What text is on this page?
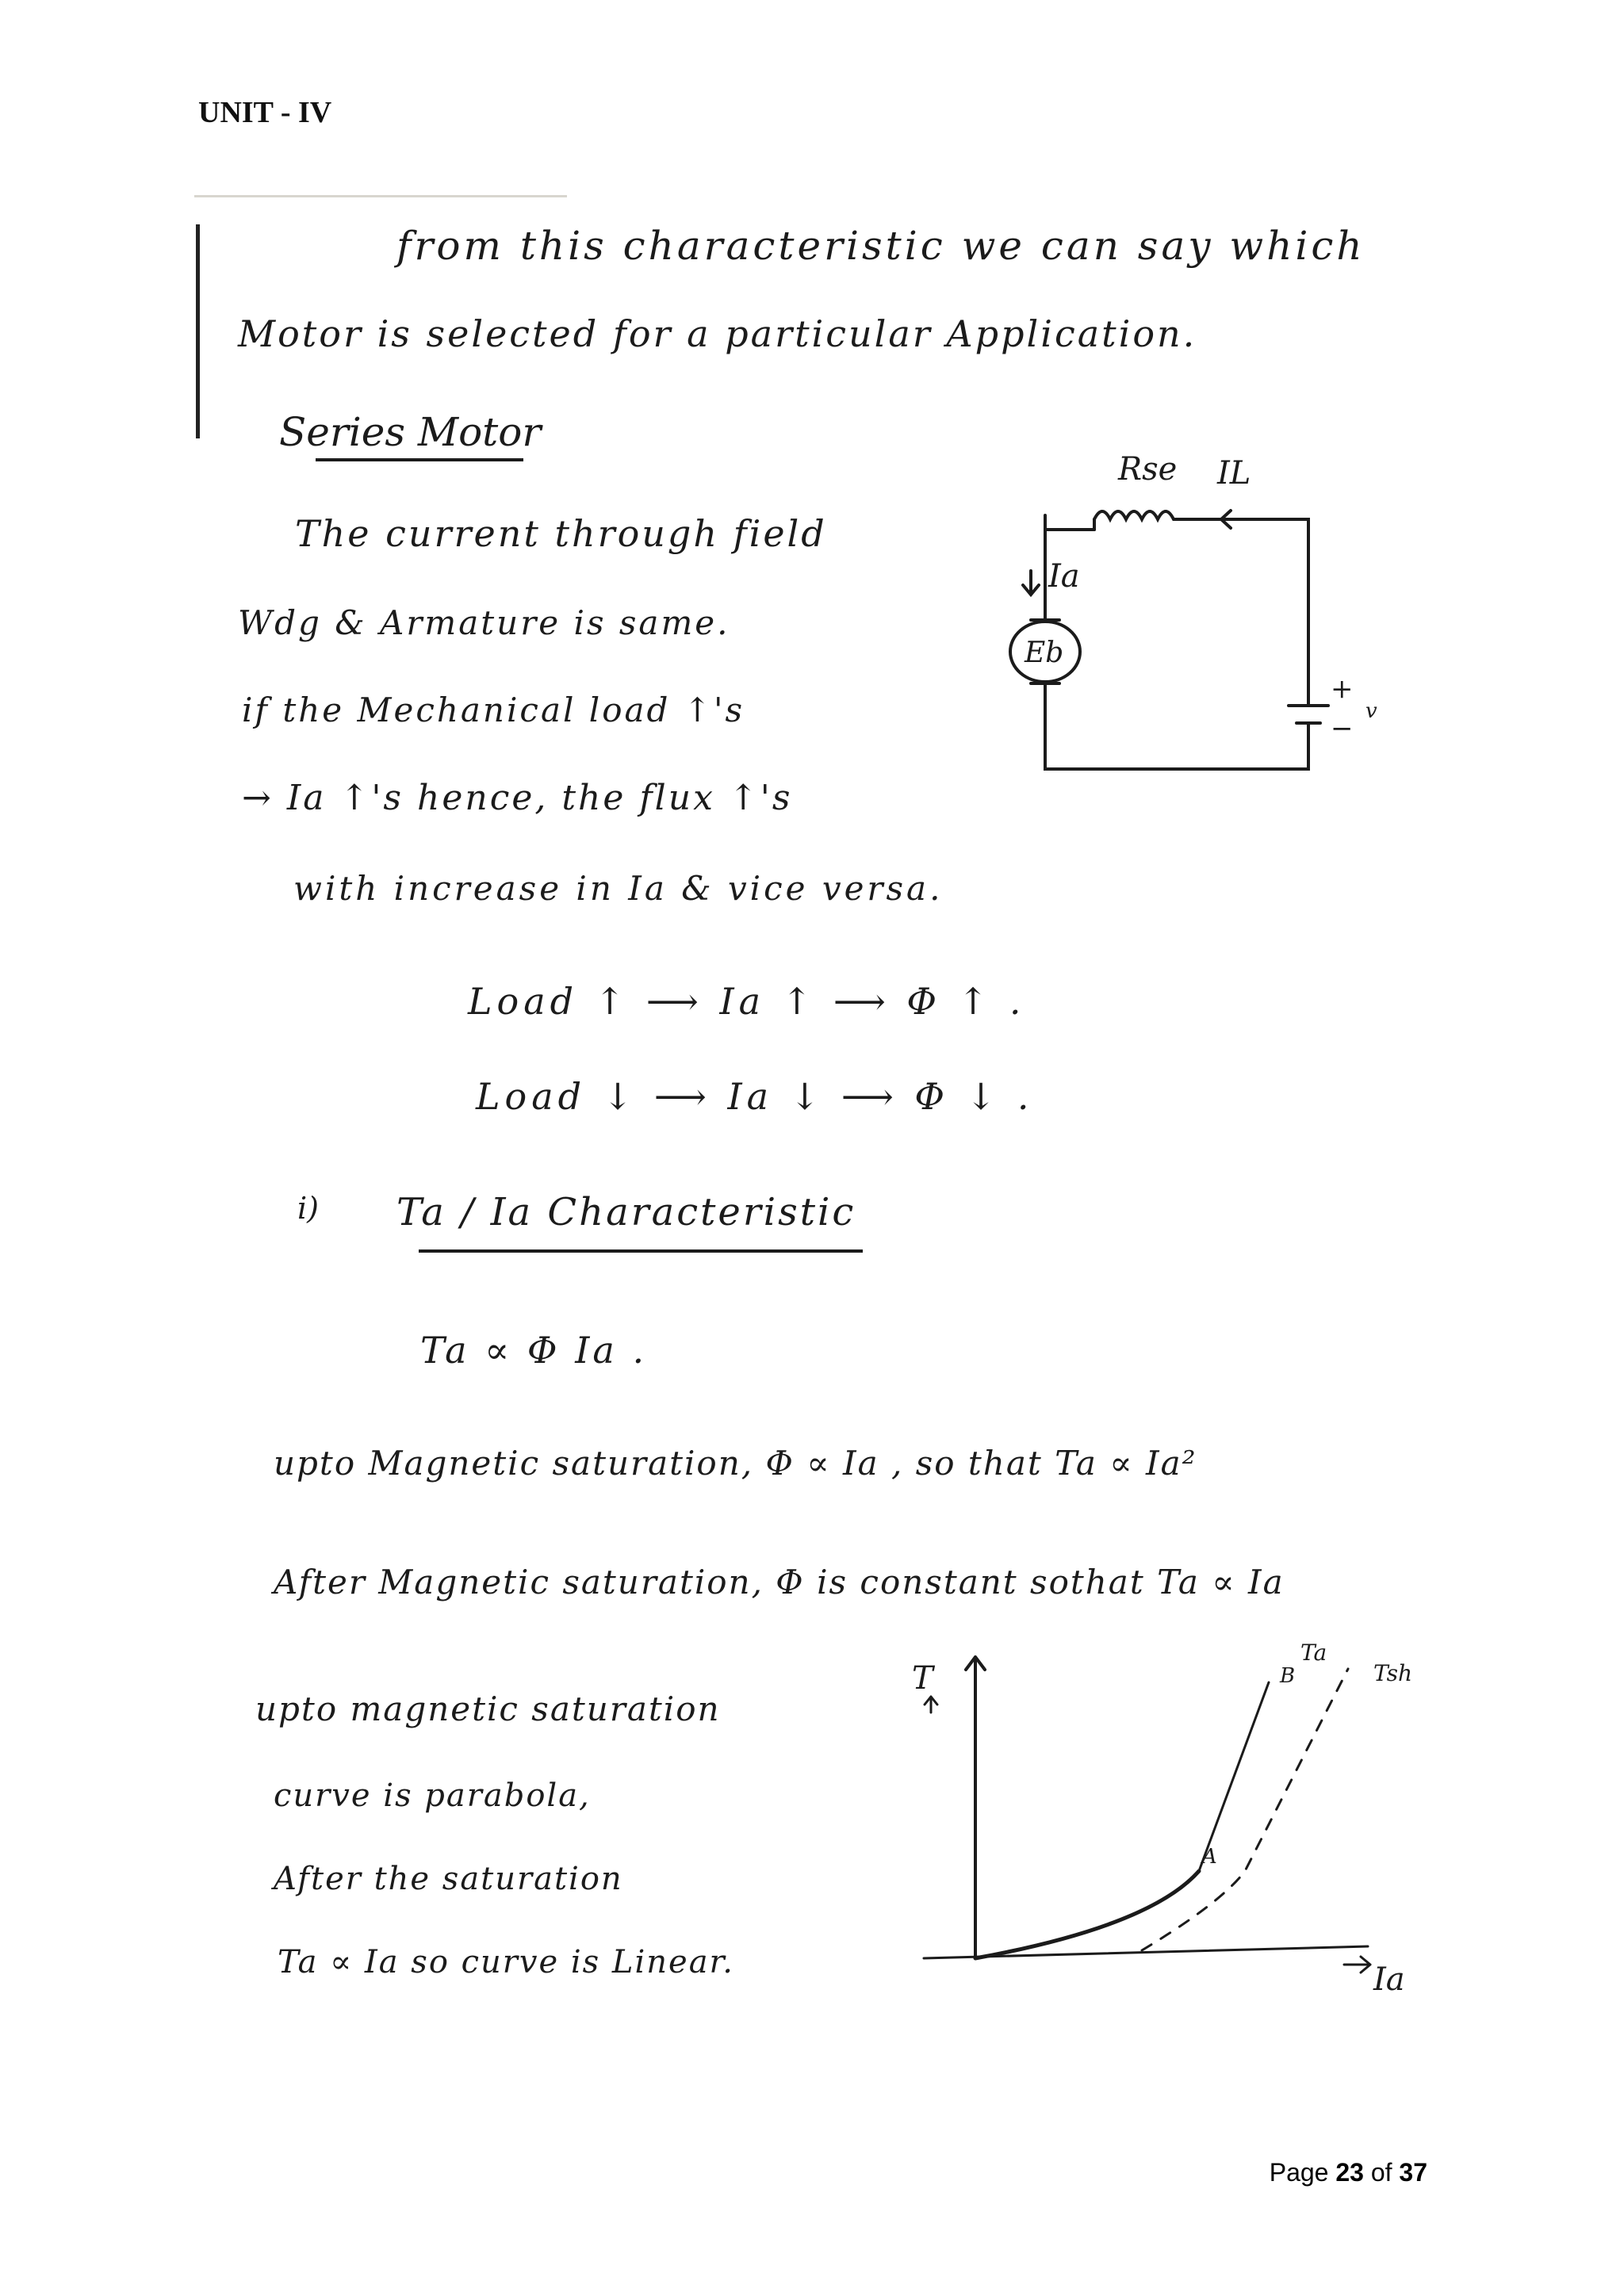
UNIT - IV
from this characteristic we can say which
Motor is selected for a particular Application.
Series Motor
The current through field
Wdg & Armature is same.
if the Mechanical load ↑'s
→ Ia ↑'s hence, the flux ↑'s
with increase in Ia & vice versa.
Load ↑ ⟶ Ia ↑ ⟶ Φ ↑ .
Load ↓ ⟶ Ia ↓ ⟶ Φ ↓ .
i) Ta / Ia Characteristic
Ta ∝ Φ Ia .
upto Magnetic saturation, Φ ∝ Ia , so that Ta ∝ Ia²
After Magnetic saturation, Φ is constant sothat Ta ∝ Ia
upto magnetic saturation
curve is parabola,
After the saturation
Ta ∝ Ia so curve is Linear.
Rse IL
Ia
Eb
+
−
v
T
Ia
Ta
Tsh
A
B
Page 23 of 37
